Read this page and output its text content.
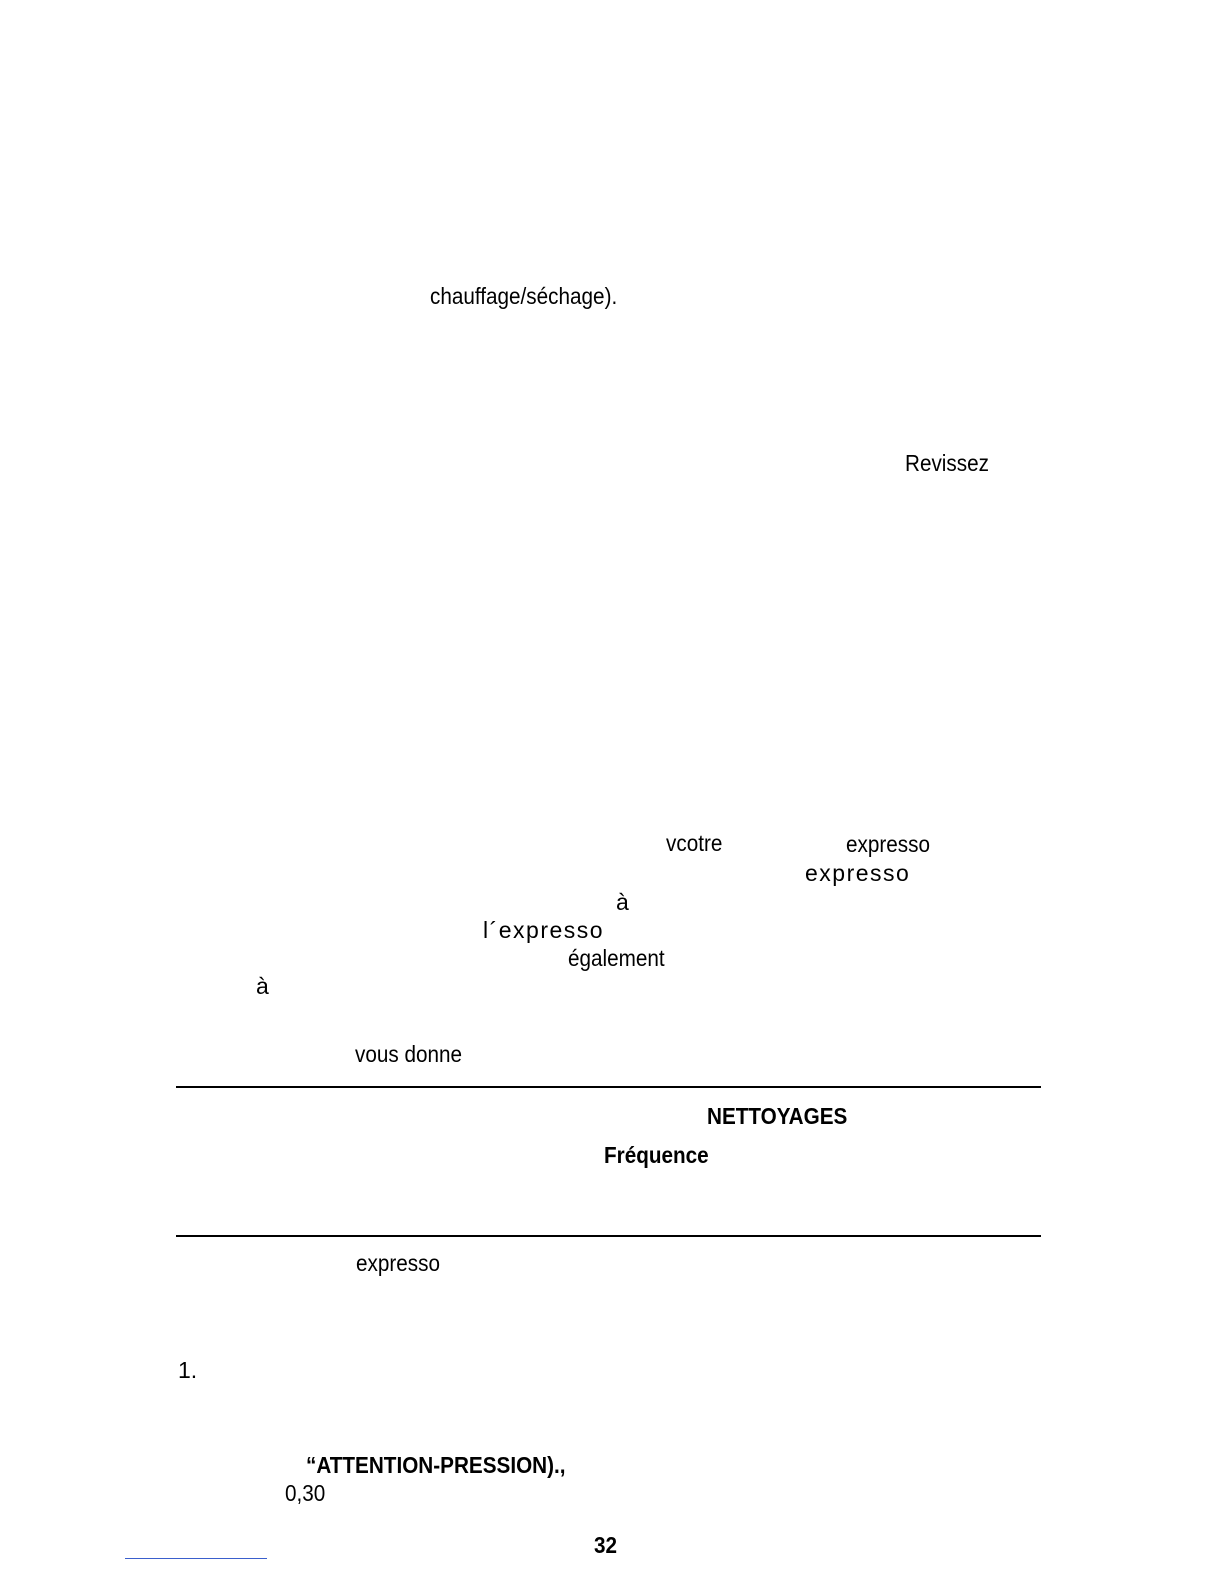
chauffage/séchage).
Revissez
vcotre	expresso
expresso
à
l´expresso
également
à
vous donne
NETTOYAGES
Fréquence
expresso
1.
“ATTENTION-PRESSION).,
0,30
32
